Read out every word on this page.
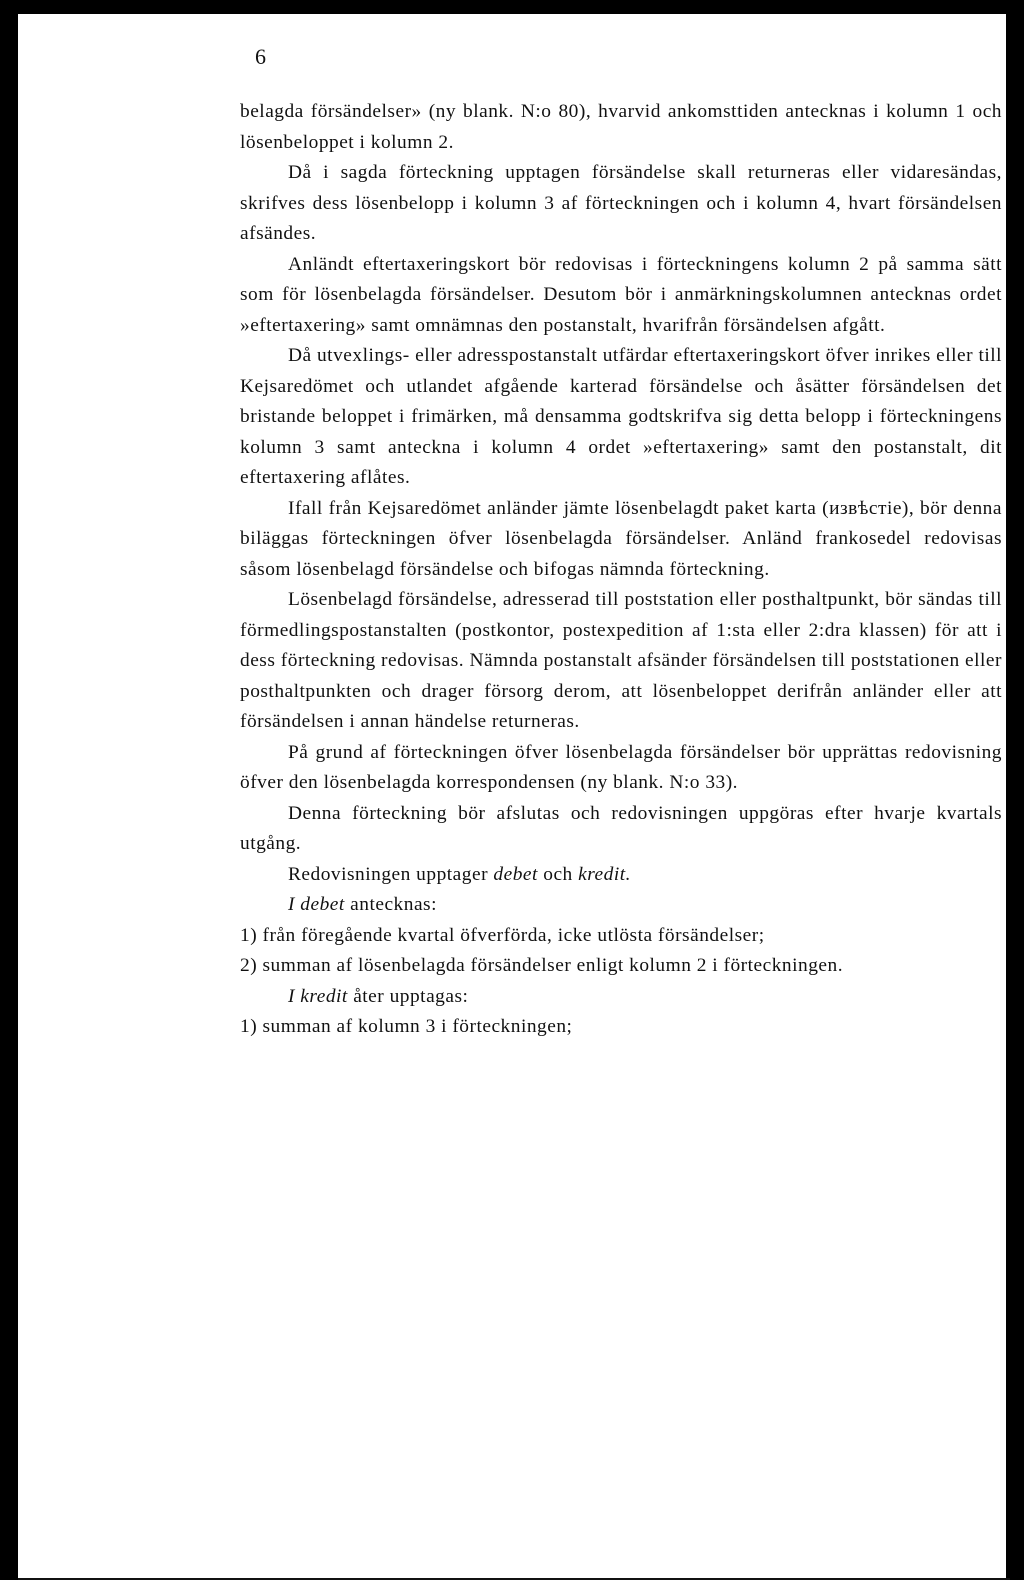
6

belagda försändelser» (ny blank. N:o 80), hvarvid ankomsttiden antecknas i kolumn 1 och lösenbeloppet i kolumn 2.

Då i sagda förteckning upptagen försändelse skall returneras eller vidaresändas, skrifves dess lösenbelopp i kolumn 3 af förteckningen och i kolumn 4, hvart försändelsen afsändes.

Anländt eftertaxeringskort bör redovisas i förteckningens kolumn 2 på samma sätt som för lösenbelagda försändelser. Desutom bör i anmärkningskolumnen antecknas ordet »eftertaxering» samt omnämnas den postanstalt, hvarifrån försändelsen afgått.

Då utvexlings- eller adresspostanstalt utfärdar eftertaxeringskort öfver inrikes eller till Kejsaredömet och utlandet afgående karterad försändelse och åsätter försändelsen det bristande beloppet i frimärken, må densamma godtskrifva sig detta belopp i förteckningens kolumn 3 samt anteckna i kolumn 4 ordet »eftertaxering» samt den postanstalt, dit eftertaxering aflåtes.

Ifall från Kejsaredömet anländer jämte lösenbelagdt paket karta (извѣстіе), bör denna biläggas förteckningen öfver lösenbelagda försändelser. Anländ frankosedel redovisas såsom lösenbelagd försändelse och bifogas nämnda förteckning.

Lösenbelagd försändelse, adresserad till poststation eller posthaltpunkt, bör sändas till förmedlingspostanstalten (postkontor, postexpedition af 1:sta eller 2:dra klassen) för att i dess förteckning redovisas. Nämnda postanstalt afsänder försändelsen till poststationen eller posthaltpunkten och drager försorg derom, att lösenbeloppet derifrån anländer eller att försändelsen i annan händelse returneras.

På grund af förteckningen öfver lösenbelagda försändelser bör upprättas redovisning öfver den lösenbelagda korrespondensen (ny blank. N:o 33).

Denna förteckning bör afslutas och redovisningen uppgöras efter hvarje kvartals utgång.

Redovisningen upptager debet och kredit.

I debet antecknas:

1) från föregående kvartal öfverförda, icke utlösta försändelser;
2) summan af lösenbelagda försändelser enligt kolumn 2 i förteckningen.

I kredit åter upptagas:

1) summan af kolumn 3 i förteckningen;
